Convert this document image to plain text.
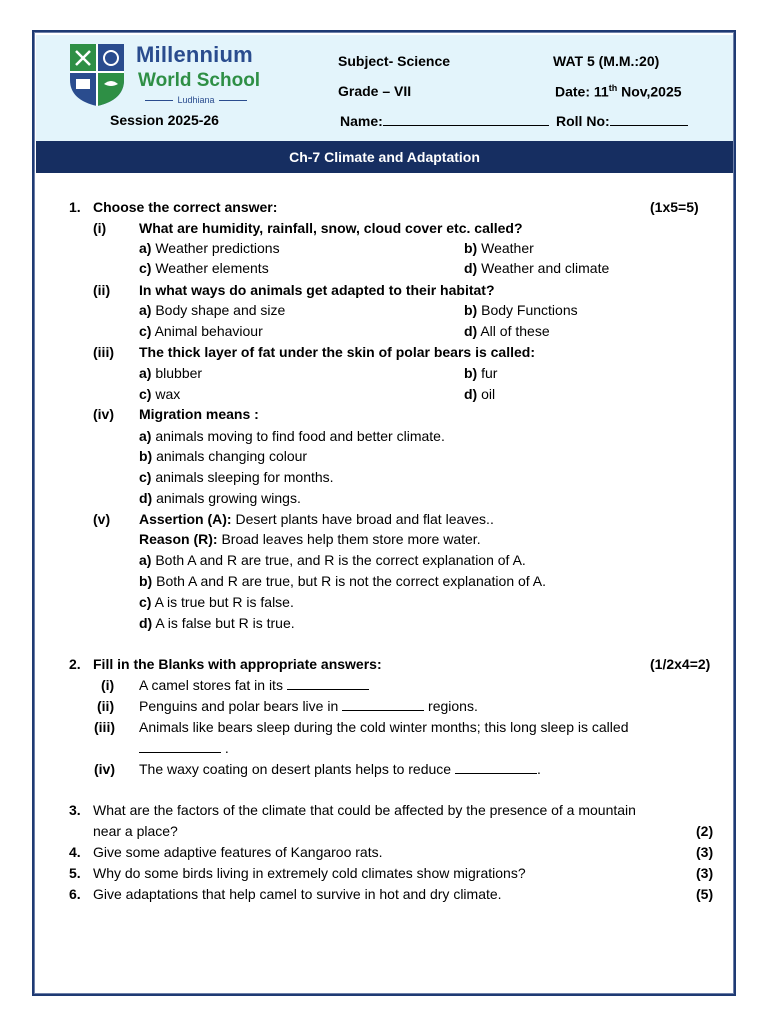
Millennium
World School
Ludhiana
Session 2025-26
Subject- Science	WAT 5 (M.M.:20)
Grade – VII	Date: 11th Nov,2025
Name:	Roll No:
Ch-7 Climate and Adaptation
1. Choose the correct answer:	(1x5=5)
(i) What are humidity, rainfall, snow, cloud cover etc. called?
a) Weather predictions	b) Weather
c) Weather elements	d) Weather and climate
(ii) In what ways do animals get adapted to their habitat?
a) Body shape and size	b) Body Functions
c) Animal behaviour	d) All of these
(iii) The thick layer of fat under the skin of polar bears is called:
a) blubber	b) fur
c) wax	d) oil
(iv) Migration means :
a) animals moving to find food and better climate.
b) animals changing colour
c) animals sleeping for months.
d) animals growing wings.
(v) Assertion (A): Desert plants have broad and flat leaves..
Reason (R): Broad leaves help them store more water.
a) Both A and R are true, and R is the correct explanation of A.
b) Both A and R are true, but R is not the correct explanation of A.
c) A is true but R is false.
d) A is false but R is true.
2. Fill in the Blanks with appropriate answers:	(1/2x4=2)
(i) A camel stores fat in its
(ii) Penguins and polar bears live in	regions.
(iii) Animals like bears sleep during the cold winter months; this long sleep is called
.
(iv) The waxy coating on desert plants helps to reduce	.
3. What are the factors of the climate that could be affected by the presence of a mountain
near a place?	(2)
4. Give some adaptive features of Kangaroo rats.	(3)
5. Why do some birds living in extremely cold climates show migrations?	(3)
6. Give adaptations that help camel to survive in hot and dry climate.	(5)
